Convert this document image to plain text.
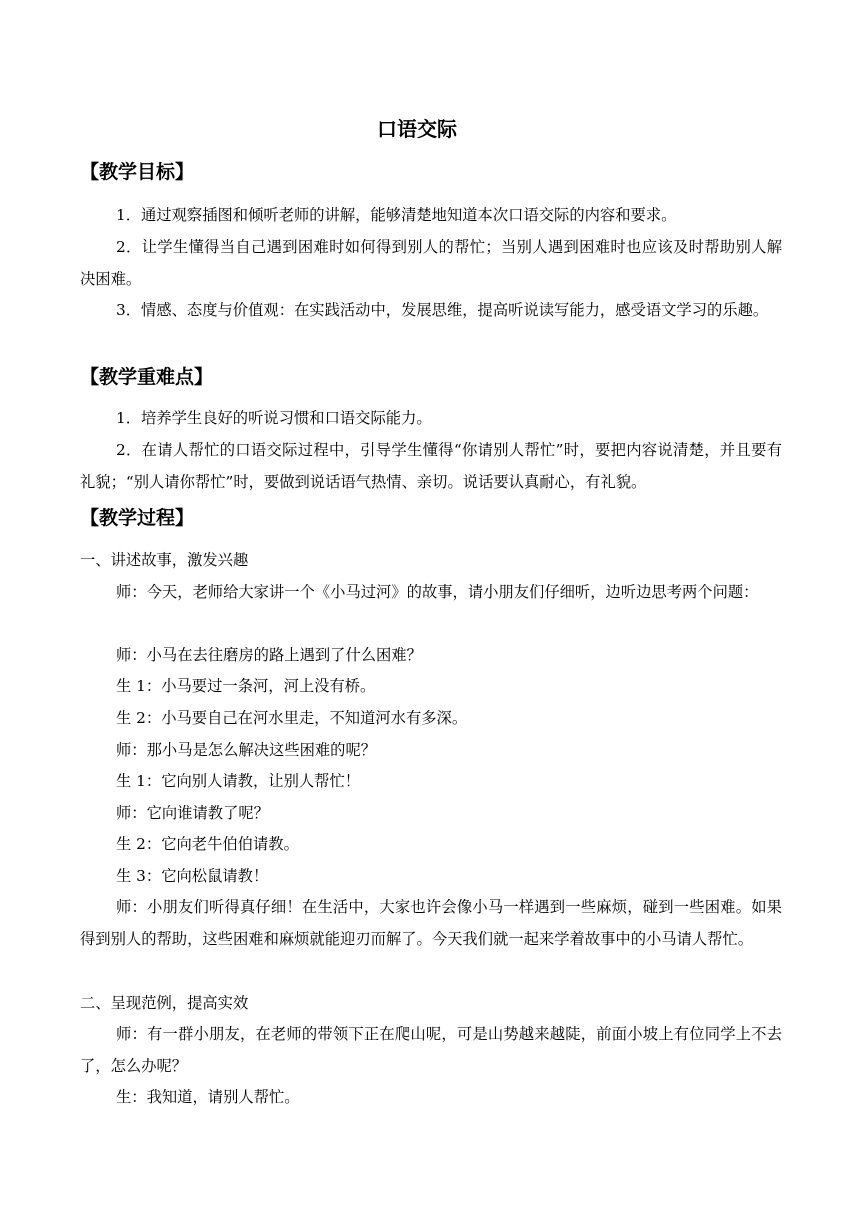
口语交际
【教学目标】
1．通过观察插图和倾听老师的讲解，能够清楚地知道本次口语交际的内容和要求。
2．让学生懂得当自己遇到困难时如何得到别人的帮忙；当别人遇到困难时也应该及时帮助别人解决困难。
3．情感、态度与价值观：在实践活动中，发展思维，提高听说读写能力，感受语文学习的乐趣。
【教学重难点】
1．培养学生良好的听说习惯和口语交际能力。
2．在请人帮忙的口语交际过程中，引导学生懂得“你请别人帮忙”时，要把内容说清楚，并且要有礼貌；“别人请你帮忙”时，要做到说话语气热情、亲切。说话要认真耐心，有礼貌。
【教学过程】
一、讲述故事，激发兴趣
师：今天，老师给大家讲一个《小马过河》的故事，请小朋友们仔细听，边听边思考两个问题：
师：小马在去往磨房的路上遇到了什么困难？
生 1：小马要过一条河，河上没有桥。
生 2：小马要自己在河水里走，不知道河水有多深。
师：那小马是怎么解决这些困难的呢？
生 1：它向别人请教，让别人帮忙！
师：它向谁请教了呢？
生 2：它向老牛伯伯请教。
生 3：它向松鼠请教！
师：小朋友们听得真仔细！在生活中，大家也许会像小马一样遇到一些麻烦，碰到一些困难。如果得到别人的帮助，这些困难和麻烦就能迎刃而解了。今天我们就一起来学着故事中的小马请人帮忙。
二、呈现范例，提高实效
师：有一群小朋友，在老师的带领下正在爬山呢，可是山势越来越陡，前面小坡上有位同学上不去了，怎么办呢？
生：我知道，请别人帮忙。
